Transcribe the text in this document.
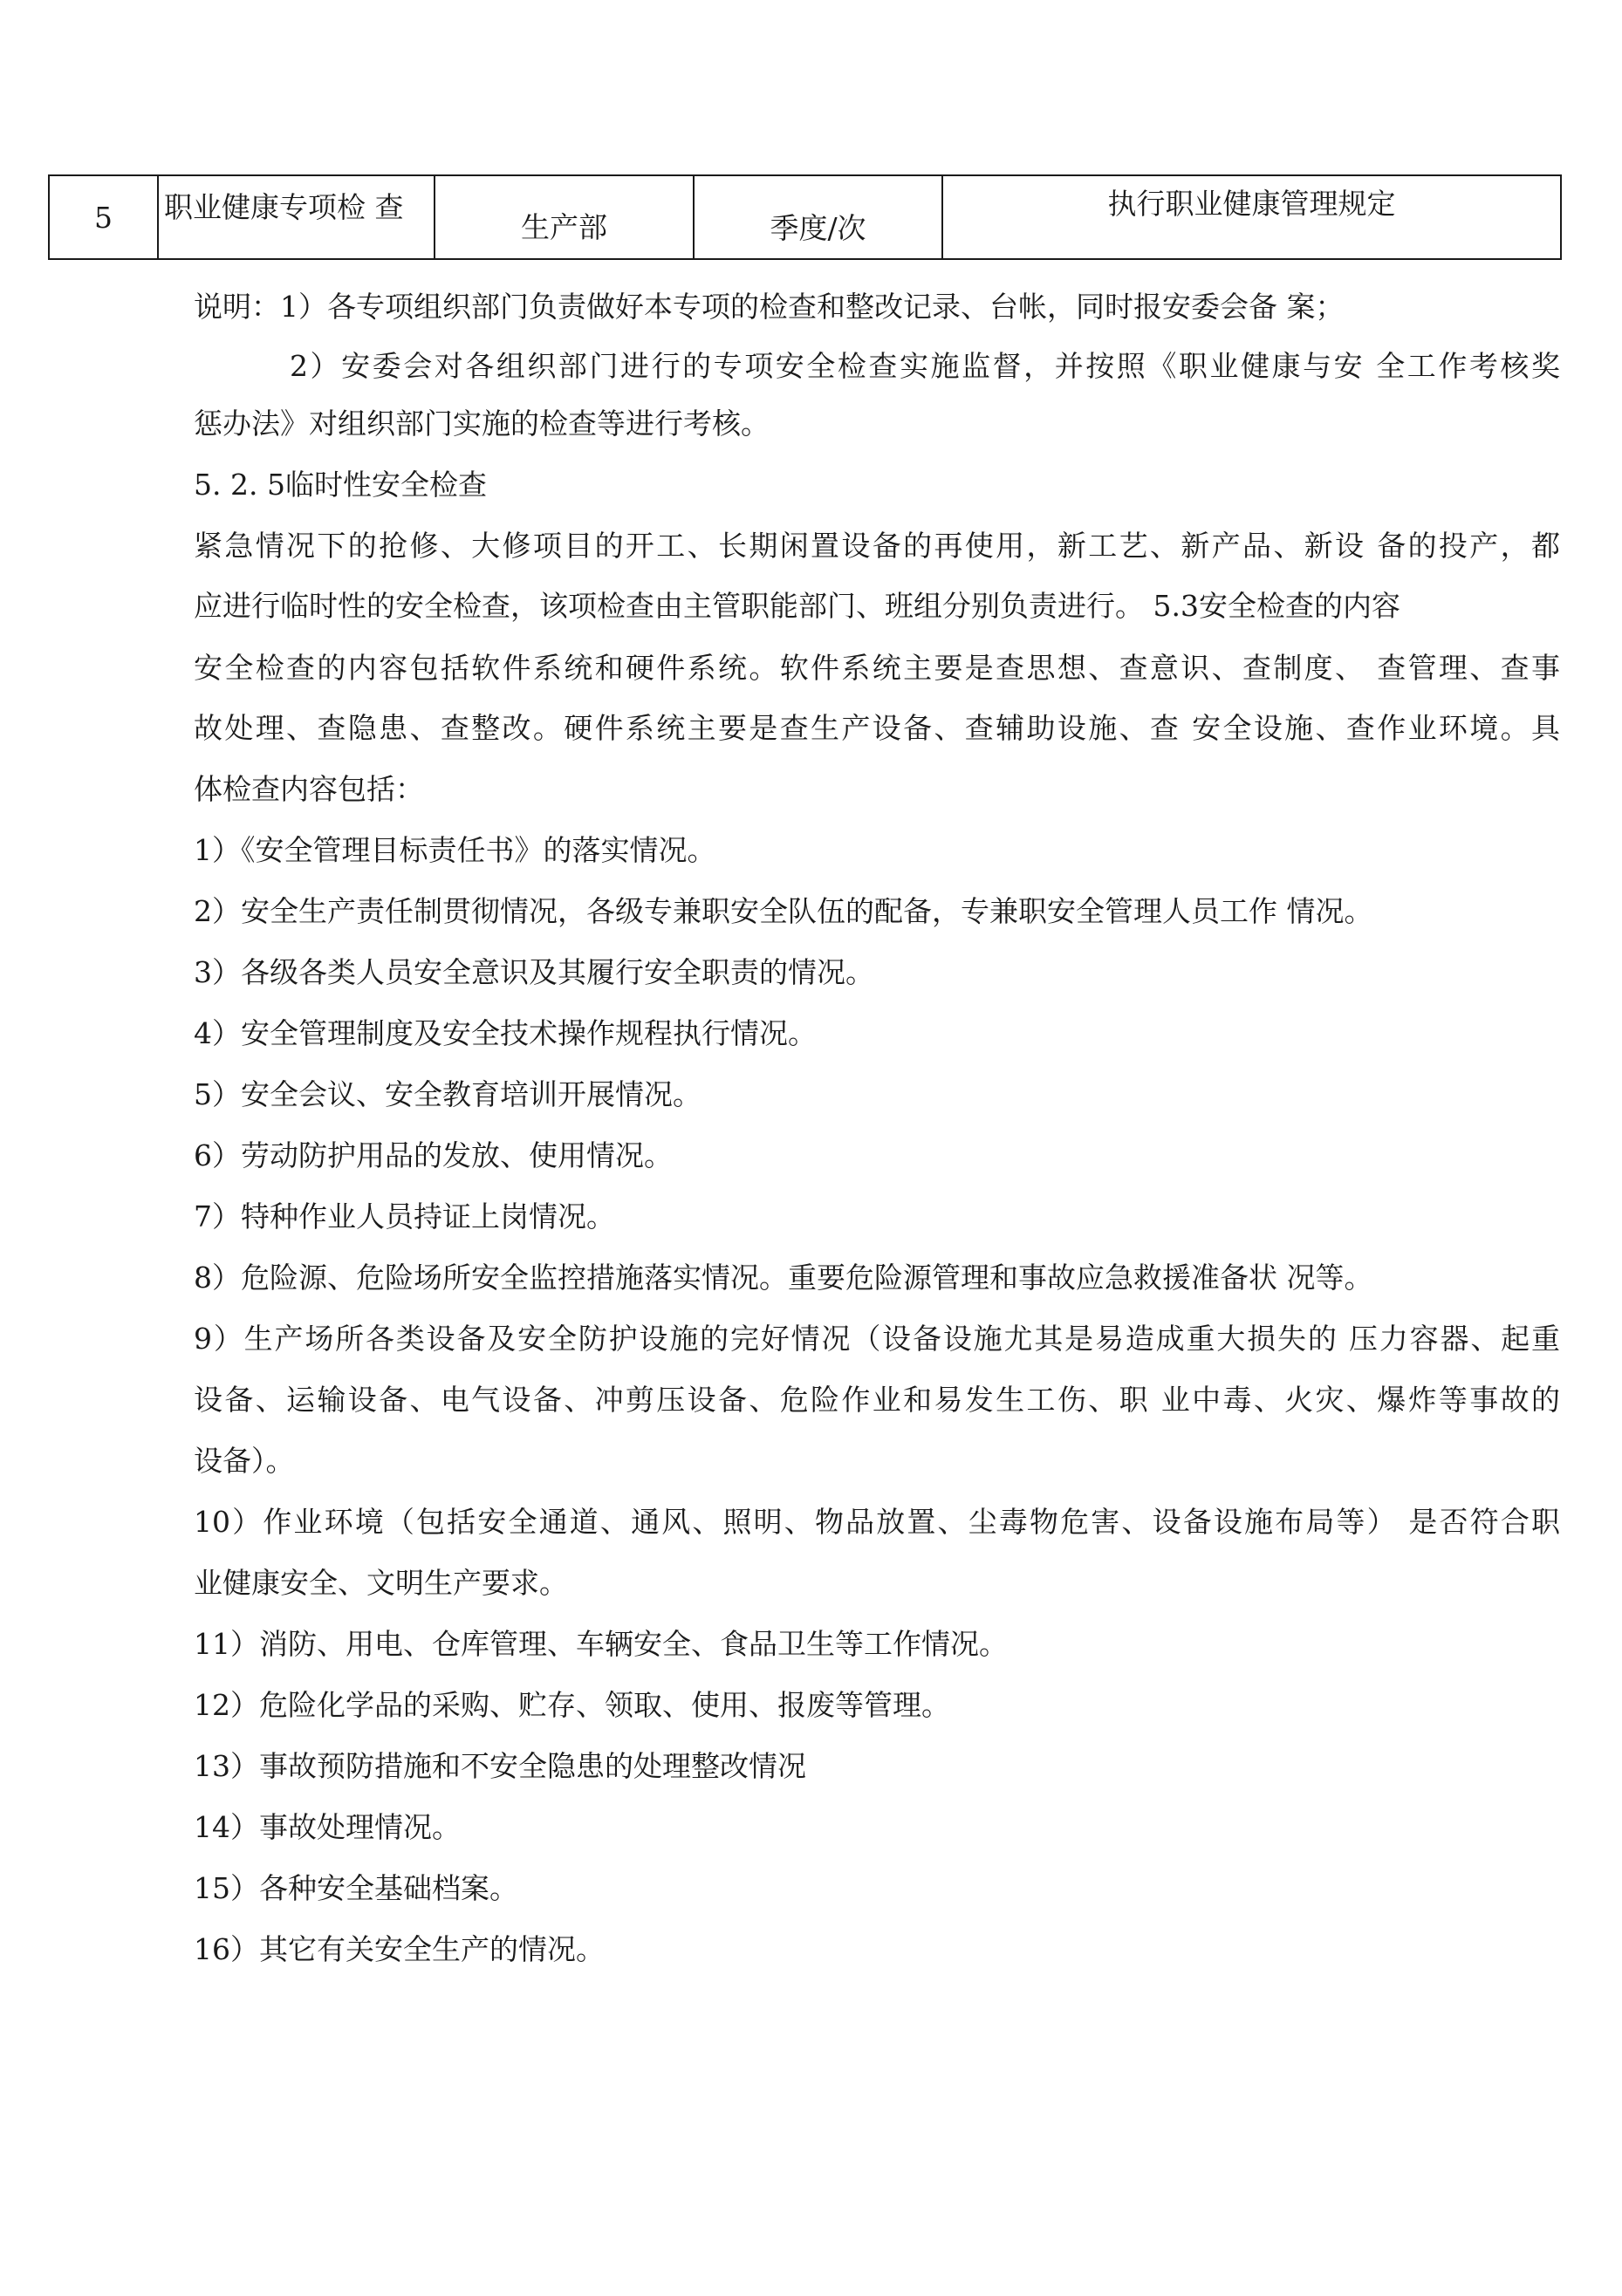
5	职业健康专项检 查	生产部	季度/次	执行职业健康管理规定
说明：1）各专项组织部门负责做好本专项的检查和整改记录、台帐，同时报安委会备 案；
2）安委会对各组织部门进行的专项安全检查实施监督，并按照《职业健康与安 全工作考核奖
惩办法》对组织部门实施的检查等进行考核。
5. 2. 5临时性安全检查
紧急情况下的抢修、大修项目的开工、长期闲置设备的再使用，新工艺、新产品、新设 备的投产，都
应进行临时性的安全检查，该项检查由主管职能部门、班组分别负责进行。 5.3安全检查的内容
安全检查的内容包括软件系统和硬件系统。软件系统主要是查思想、查意识、查制度、 查管理、查事
故处理、查隐患、查整改。硬件系统主要是查生产设备、查辅助设施、查 安全设施、查作业环境。具
体检查内容包括：
1）《安全管理目标责任书》的落实情况。
2）安全生产责任制贯彻情况，各级专兼职安全队伍的配备，专兼职安全管理人员工作 情况。
3）各级各类人员安全意识及其履行安全职责的情况。
4）安全管理制度及安全技术操作规程执行情况。
5）安全会议、安全教育培训开展情况。
6）劳动防护用品的发放、使用情况。
7）特种作业人员持证上岗情况。
8）危险源、危险场所安全监控措施落实情况。重要危险源管理和事故应急救援准备状 况等。
9）生产场所各类设备及安全防护设施的完好情况（设备设施尤其是易造成重大损失的 压力容器、起重
设备、运输设备、电气设备、冲剪压设备、危险作业和易发生工伤、职 业中毒、火灾、爆炸等事故的
设备）。
10）作业环境（包括安全通道、通风、照明、物品放置、尘毒物危害、设备设施布局等） 是否符合职
业健康安全、文明生产要求。
11）消防、用电、仓库管理、车辆安全、食品卫生等工作情况。
12）危险化学品的采购、贮存、领取、使用、报废等管理。
13）事故预防措施和不安全隐患的处理整改情况
14）事故处理情况。
15）各种安全基础档案。
16）其它有关安全生产的情况。
